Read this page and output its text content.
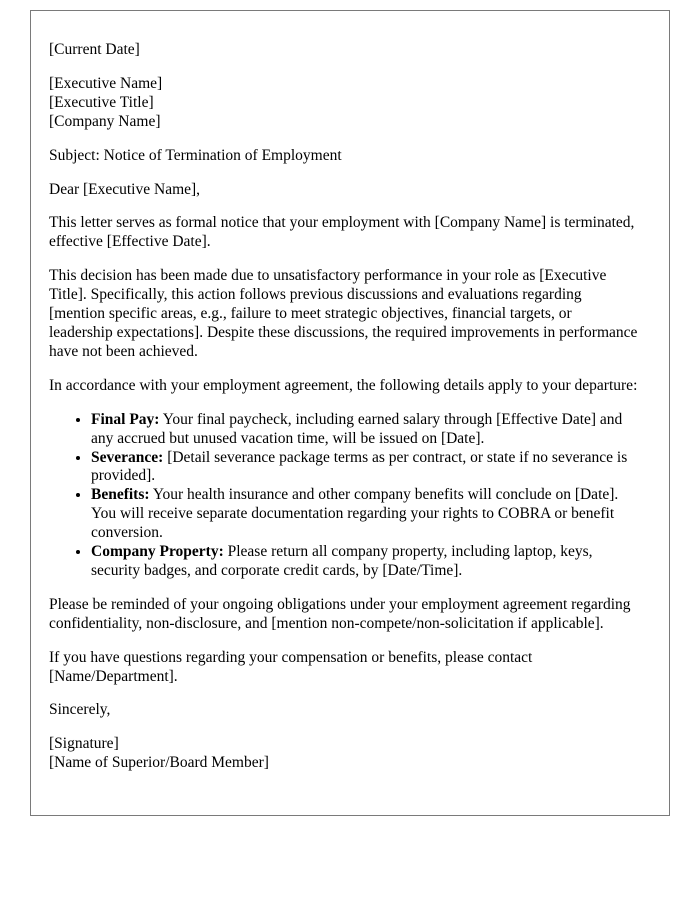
[Current Date]

[Executive Name]
[Executive Title]
[Company Name]

Subject: Notice of Termination of Employment

Dear [Executive Name],

This letter serves as formal notice that your employment with [Company Name] is terminated, effective [Effective Date].

This decision has been made due to unsatisfactory performance in your role as [Executive Title]. Specifically, this action follows previous discussions and evaluations regarding [mention specific areas, e.g., failure to meet strategic objectives, financial targets, or leadership expectations]. Despite these discussions, the required improvements in performance have not been achieved.

In accordance with your employment agreement, the following details apply to your departure:

• Final Pay: Your final paycheck, including earned salary through [Effective Date] and any accrued but unused vacation time, will be issued on [Date].
• Severance: [Detail severance package terms as per contract, or state if no severance is provided].
• Benefits: Your health insurance and other company benefits will conclude on [Date]. You will receive separate documentation regarding your rights to COBRA or benefit conversion.
• Company Property: Please return all company property, including laptop, keys, security badges, and corporate credit cards, by [Date/Time].

Please be reminded of your ongoing obligations under your employment agreement regarding confidentiality, non-disclosure, and [mention non-compete/non-solicitation if applicable].

If you have questions regarding your compensation or benefits, please contact [Name/Department].

Sincerely,

[Signature]
[Name of Superior/Board Member]
